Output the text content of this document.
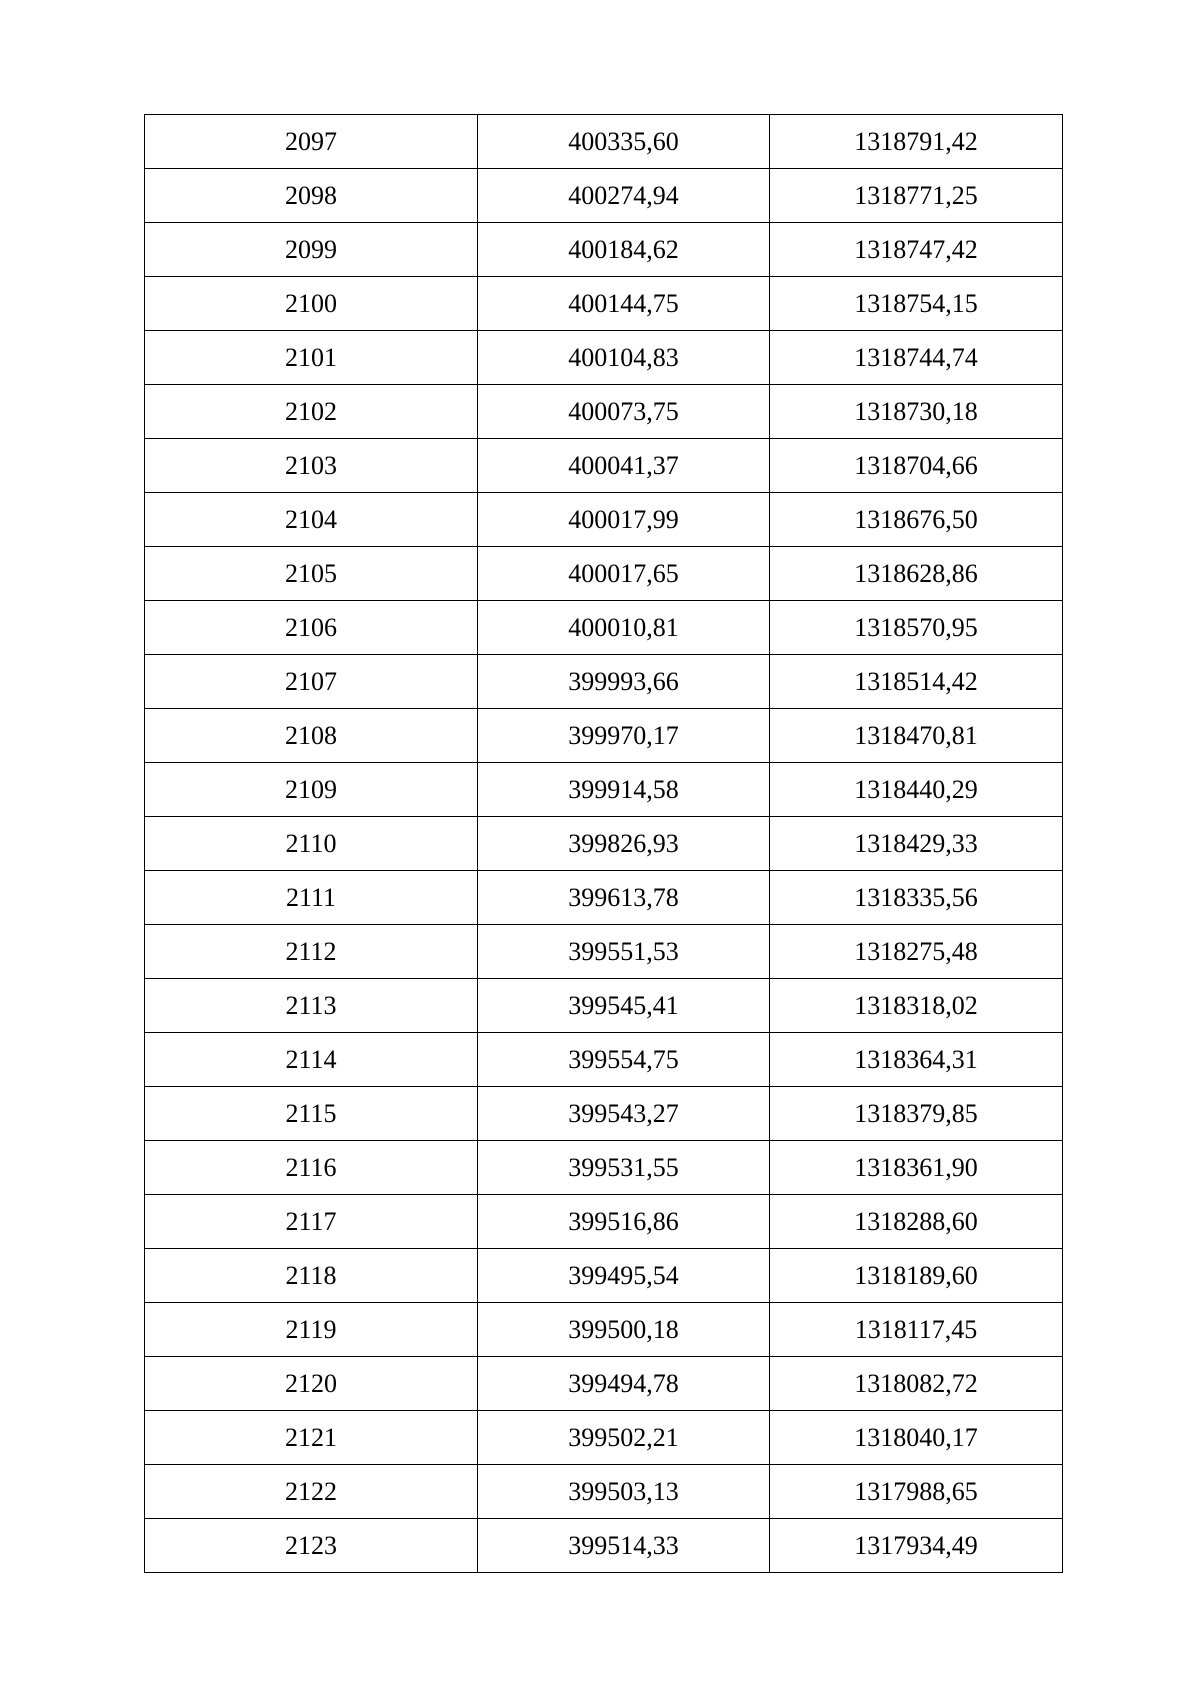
2097	400335,60	1318791,42
2098	400274,94	1318771,25
2099	400184,62	1318747,42
2100	400144,75	1318754,15
2101	400104,83	1318744,74
2102	400073,75	1318730,18
2103	400041,37	1318704,66
2104	400017,99	1318676,50
2105	400017,65	1318628,86
2106	400010,81	1318570,95
2107	399993,66	1318514,42
2108	399970,17	1318470,81
2109	399914,58	1318440,29
2110	399826,93	1318429,33
2111	399613,78	1318335,56
2112	399551,53	1318275,48
2113	399545,41	1318318,02
2114	399554,75	1318364,31
2115	399543,27	1318379,85
2116	399531,55	1318361,90
2117	399516,86	1318288,60
2118	399495,54	1318189,60
2119	399500,18	1318117,45
2120	399494,78	1318082,72
2121	399502,21	1318040,17
2122	399503,13	1317988,65
2123	399514,33	1317934,49
